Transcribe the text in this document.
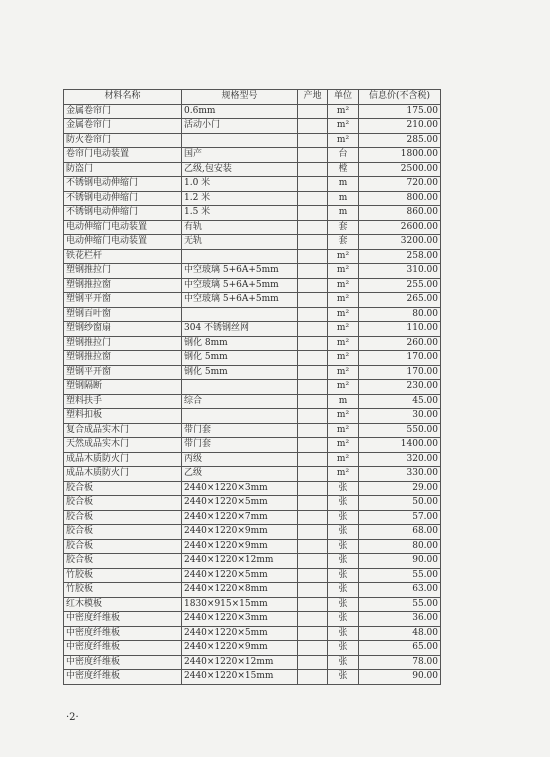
材料名称	规格型号	产地	单位	信息价(不含税)
金属卷帘门	0.6mm		m²	175.00
金属卷帘门	活动小门		m²	210.00
防火卷帘门			m²	285.00
卷帘门电动装置	国产		台	1800.00
防盗门	乙级,包安装		樘	2500.00
不锈钢电动伸缩门	1.0 米		m	720.00
不锈钢电动伸缩门	1.2 米		m	800.00
不锈钢电动伸缩门	1.5 米		m	860.00
电动伸缩门电动装置	有轨		套	2600.00
电动伸缩门电动装置	无轨		套	3200.00
铁花栏杆			m²	258.00
塑钢推拉门	中空玻璃 5+6A+5mm		m²	310.00
塑钢推拉窗	中空玻璃 5+6A+5mm		m²	255.00
塑钢平开窗	中空玻璃 5+6A+5mm		m²	265.00
塑钢百叶窗			m²	80.00
塑钢纱窗扇	304 不锈钢丝网		m²	110.00
塑钢推拉门	钢化 8mm		m²	260.00
塑钢推拉窗	钢化 5mm		m²	170.00
塑钢平开窗	钢化 5mm		m²	170.00
塑钢隔断			m²	230.00
塑料扶手	综合		m	45.00
塑料扣板			m²	30.00
复合成品实木门	带门套		m²	550.00
天然成品实木门	带门套		m²	1400.00
成品木质防火门	丙级		m²	320.00
成品木质防火门	乙级		m²	330.00
胶合板	2440×1220×3mm		张	29.00
胶合板	2440×1220×5mm		张	50.00
胶合板	2440×1220×7mm		张	57.00
胶合板	2440×1220×9mm		张	68.00
胶合板	2440×1220×9mm		张	80.00
胶合板	2440×1220×12mm		张	90.00
竹胶板	2440×1220×5mm		张	55.00
竹胶板	2440×1220×8mm		张	63.00
红木模板	1830×915×15mm		张	55.00
中密度纤维板	2440×1220×3mm		张	36.00
中密度纤维板	2440×1220×5mm		张	48.00
中密度纤维板	2440×1220×9mm		张	65.00
中密度纤维板	2440×1220×12mm		张	78.00
中密度纤维板	2440×1220×15mm		张	90.00
·2·
